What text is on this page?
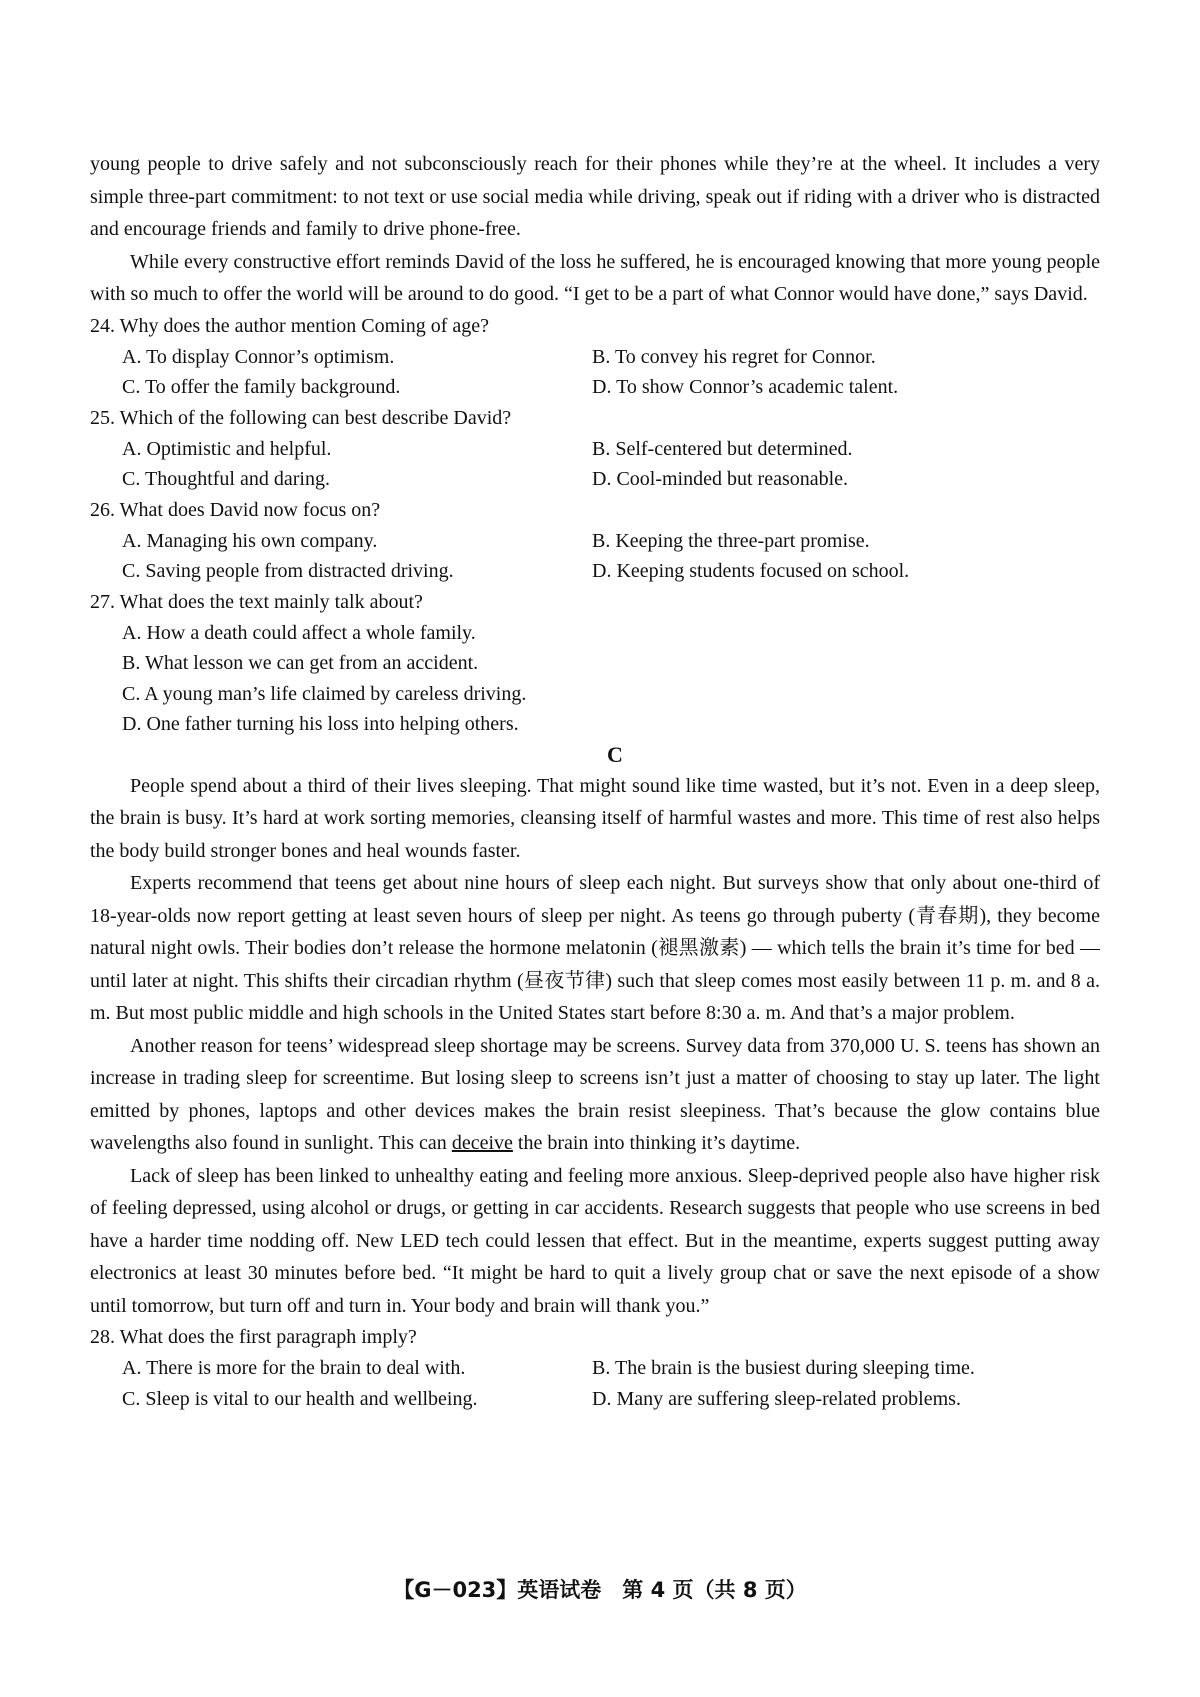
young people to drive safely and not subconsciously reach for their phones while they’re at the wheel. It includes a very simple three-part commitment: to not text or use social media while driving, speak out if riding with a driver who is distracted and encourage friends and family to drive phone-free.

While every constructive effort reminds David of the loss he suffered, he is encouraged knowing that more young people with so much to offer the world will be around to do good. “I get to be a part of what Connor would have done,” says David.

24. Why does the author mention Coming of age?

A. To display Connor’s optimism.	B. To convey his regret for Connor.
C. To offer the family background.	D. To show Connor’s academic talent.

25. Which of the following can best describe David?

A. Optimistic and helpful.	B. Self-centered but determined.
C. Thoughtful and daring.	D. Cool-minded but reasonable.

26. What does David now focus on?

A. Managing his own company.	B. Keeping the three-part promise.
C. Saving people from distracted driving.	D. Keeping students focused on school.

27. What does the text mainly talk about?

A. How a death could affect a whole family.
B. What lesson we can get from an accident.
C. A young man’s life claimed by careless driving.
D. One father turning his loss into helping others.

C

People spend about a third of their lives sleeping. That might sound like time wasted, but it’s not. Even in a deep sleep, the brain is busy. It’s hard at work sorting memories, cleansing itself of harmful wastes and more. This time of rest also helps the body build stronger bones and heal wounds faster.

Experts recommend that teens get about nine hours of sleep each night. But surveys show that only about one-third of 18-year-olds now report getting at least seven hours of sleep per night. As teens go through puberty (青春期), they become natural night owls. Their bodies don’t release the hormone melatonin (褪黑激素) — which tells the brain it’s time for bed — until later at night. This shifts their circadian rhythm (昼夜节律) such that sleep comes most easily between 11 p. m. and 8 a. m. But most public middle and high schools in the United States start before 8:30 a. m. And that’s a major problem.

Another reason for teens’ widespread sleep shortage may be screens. Survey data from 370,000 U. S. teens has shown an increase in trading sleep for screentime. But losing sleep to screens isn’t just a matter of choosing to stay up later. The light emitted by phones, laptops and other devices makes the brain resist sleepiness. That’s because the glow contains blue wavelengths also found in sunlight. This can deceive the brain into thinking it’s daytime.

Lack of sleep has been linked to unhealthy eating and feeling more anxious. Sleep-deprived people also have higher risk of feeling depressed, using alcohol or drugs, or getting in car accidents. Research suggests that people who use screens in bed have a harder time nodding off. New LED tech could lessen that effect. But in the meantime, experts suggest putting away electronics at least 30 minutes before bed. “It might be hard to quit a lively group chat or save the next episode of a show until tomorrow, but turn off and turn in. Your body and brain will thank you.”

28. What does the first paragraph imply?

A. There is more for the brain to deal with.	B. The brain is the busiest during sleeping time.
C. Sleep is vital to our health and wellbeing.	D. Many are suffering sleep-related problems.
【G－023】英语试卷　第 4 页（共 8 页）
